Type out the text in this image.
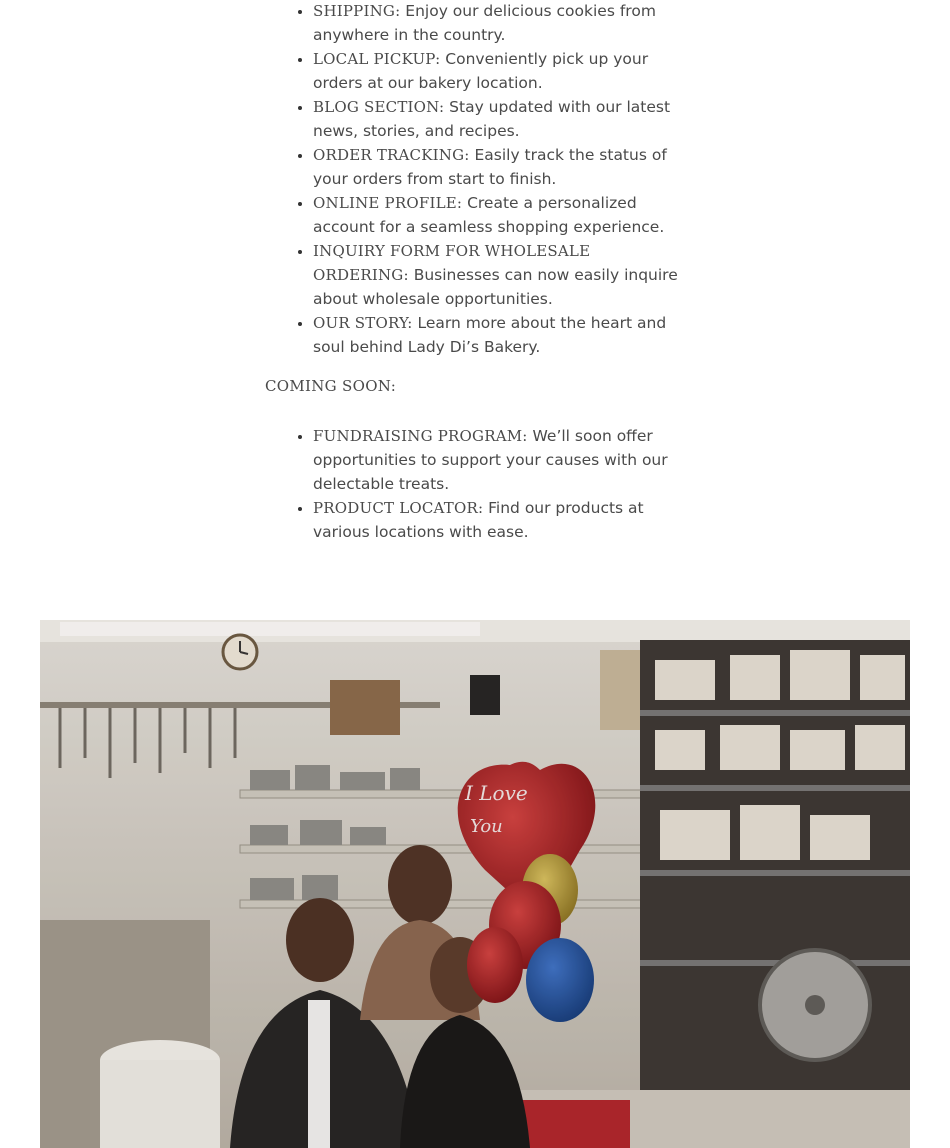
• SHIPPING: Enjoy our delicious cookies from anywhere in the country.
• LOCAL PICKUP: Conveniently pick up your orders at our bakery location.
• BLOG SECTION: Stay updated with our latest news, stories, and recipes.
• ORDER TRACKING: Easily track the status of your orders from start to finish.
• ONLINE PROFILE: Create a personalized account for a seamless shopping experience.
• INQUIRY FORM FOR WHOLESALE ORDERING: Businesses can now easily inquire about wholesale opportunities.
• OUR STORY: Learn more about the heart and soul behind Lady Di’s Bakery.
COMING SOON:
• FUNDRAISING PROGRAM: We’ll soon offer opportunities to support your causes with our delectable treats.
• PRODUCT LOCATOR: Find our products at various locations with ease.
I Love
You
